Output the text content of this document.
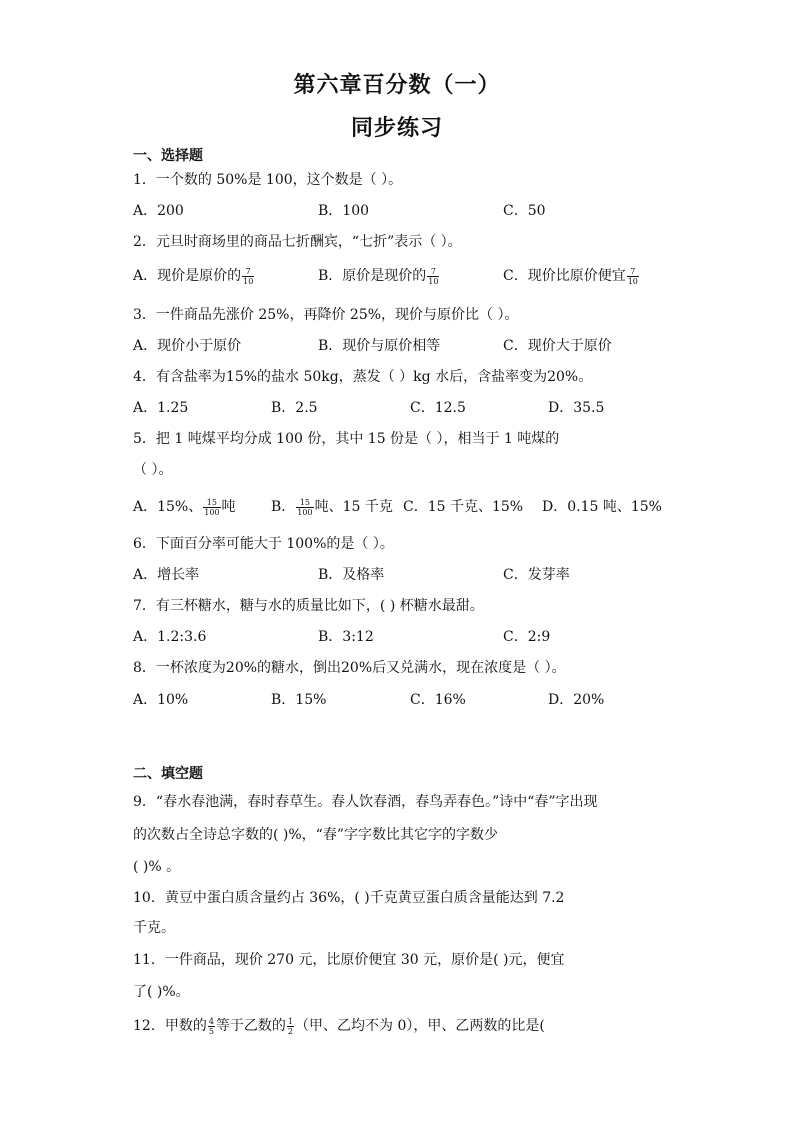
第六章百分数（一）
同步练习
一、选择题
1．一个数的 50%是 100，这个数是（ ）。
A．200	B．100	C．50
2．元旦时商场里的商品七折酬宾，“七折”表示（ ）。
A．现价是原价的 $\frac{7}{10}$	B．原价是现价的 $\frac{7}{10}$	C．现价比原价便宜 $\frac{7}{10}$
3．一件商品先涨价 25%，再降价 25%，现价与原价比（ ）。
A．现价小于原价	B．现价与原价相等	C．现价大于原价
4．有含盐率为15%的盐水 50kg，蒸发（ ）kg 水后，含盐率变为20%。
A．1.25	B．2.5	C．12.5	D．35.5
5．把 1 吨煤平均分成 100 份，其中 15 份是（ ），相当于 1 吨煤的
（ ）。
A．15%、 $\frac{15}{100}$ 吨	B． $\frac{15}{100}$ 吨、15 千克 C．15 千克、15% D．0.15 吨、15%
6．下面百分率可能大于 100%的是（ ）。
A．增长率	B．及格率	C．发芽率
7．有三杯糖水，糖与水的质量比如下，( ) 杯糖水最甜。
A．1.2:3.6	B．3:12	C．2:9
8．一杯浓度为20%的糖水，倒出20%后又兑满水，现在浓度是（ ）。
A．10%	B．15%	C．16%	D．20%
二、填空题
9．“春水春池满，春时春草生。春人饮春酒，春鸟弄春色。”诗中“春”字出现
的次数占全诗总字数的( )%，“春”字字数比其它字的字数少
( )% 。
10．黄豆中蛋白质含量约占 36%，( )千克黄豆蛋白质含量能达到 7.2
千克。
11．一件商品，现价 270 元，比原价便宜 30 元，原价是( )元，便宜
了( )%。
12．甲数的 $\frac{4}{5}$ 等于乙数的 $\frac{1}{2}$ （甲、乙均不为 0），甲、乙两数的比是(
